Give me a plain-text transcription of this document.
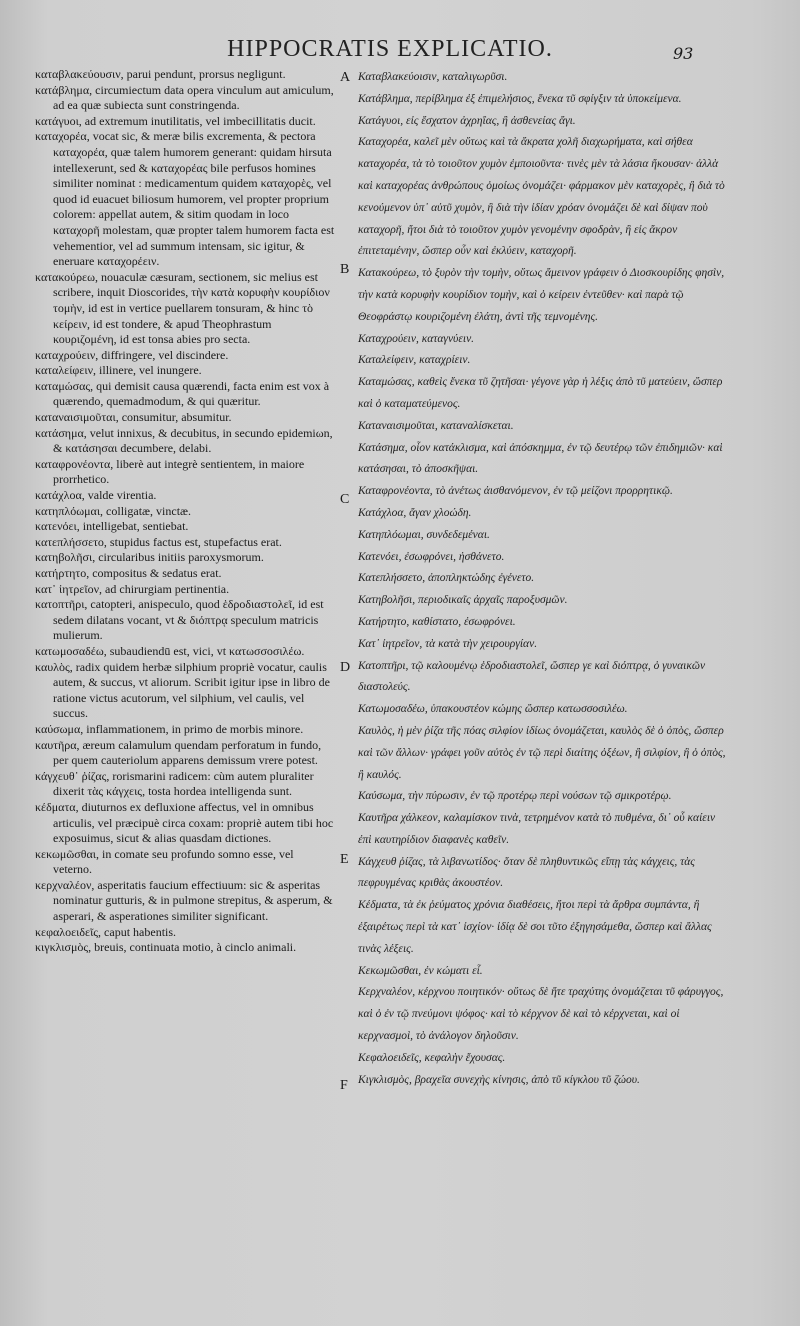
HIPPOCRATIS EXPLICATIO.	93
A
B
C
D
E
F

καταβλακεύουσιν, parui pendunt, prorsus negligunt.

κατάβλημα, circumiectum data opera vinculum aut amiculum, ad ea quæ subiecta sunt constringenda.

κατάγυοι, ad extremum inutilitatis, vel imbecillitatis ducit.

καταχορέα, vocat sic, & meræ bilis excrementa, & pectora καταχορέα, quæ talem humorem generant: quidam hirsuta intellexerunt, sed & καταχορέας bile perfusos homines similiter nominat : medicamentum quidem καταχορὲς, vel quod id euacuet biliosum humorem, vel propter proprium colorem: appellat autem, & sitim quodam in loco καταχορῆ molestam, quæ propter talem humorem facta est vehementior, vel ad summum intensam, sic igitur, & eneruare καταχορέειν.

κατακούρεω, nouaculæ cæsuram, sectionem, sic melius est scribere, inquit Dioscorides, τὴν κατὰ κορυφὴν κουρίδιον τομὴν, id est in vertice puellarem tonsuram, & hinc τὸ κείρειν, id est tondere, & apud Theophrastum κουριζομένη, id est tonsa abies pro secta.

καταχρούειν, diffringere, vel discindere.

καταλείφειν, illinere, vel inungere.

καταμώσας, qui demisit causa quærendi, facta enim est vox à quærendo, quemadmodum, & qui quæritur.

καταναισιμοῦται, consumitur, absumitur.

κατάσημα, velut innixus, & decubitus, in secundo epidemiωn, & κατάσησαι decumbere, delabi.

καταφρονέοντα, liberè aut integrè sentientem, in maiore prorrhetico.

κατάχλοα, valde virentia.

κατηπλόωμαι, colligatæ, vinctæ.

κατενόει, intelligebat, sentiebat.

κατεπλήσσετο, stupidus factus est, stupefactus erat.

κατηβολῆσι, circularibus initiis paroxysmorum.

κατήρτητο, compositus & sedatus erat.

κατ᾽ ἰητρεῖον, ad chirurgiam pertinentia.

κατοπτῆρι, catopteri, anispeculo, quod ἑδροδιαστολεῖ, id est sedem dilatans vocant, vt & διόπτρᾳ speculum matricis mulierum.

κατωμοσαδέω, subaudiendū est, vici, vt κατωσσοσιλέω.

καυλὸς, radix quidem herbæ silphium propriè vocatur, caulis autem, & succus, vt aliorum. Scribit igitur ipse in libro de ratione victus acutorum, vel silphium, vel caulis, vel succus.

καύσωμα, inflammationem, in primo de morbis minore.

καυτῆρα, æreum calamulum quendam perforatum in fundo, per quem cauteriolum apparens demissum vrere potest.

κάγχευθ᾽ ῥίζας, rorismarini radicem: cùm autem pluraliter dixerit τὰς κάγχεις, tosta hordea intelligenda sunt.

κέδματα, diuturnos ex defluxione affectus, vel in omnibus articulis, vel præcipuè circa coxam: propriè autem tibi hoc exposuimus, sicut & alias quasdam dictiones.

κεκωμῶσθαι, in comate seu profundo somno esse, vel veterno.

κερχναλέον, asperitatis faucium effectiuum: sic & asperitas nominatur gutturis, & in pulmone strepitus, & asperum, & asperari, & asperationes similiter significant.

κεφαλοειδεῖς, caput habentis.

κιγκλισμὸς, breuis, continuata motio, à cinclo animali.

Καταβλακεύοισιν, καταλιγωρῦσι.

Κατάβλημα, περίβλημα ἐξ ἐπιμελήσιος, ἕνεκα τῦ σφίγξιν τὰ ὑποκείμενα.

Κατάγυοι, εἰς ἔσχατον ἀχρηΐας, ἢ ἀσθενείας ἄγι.

Καταχορέα, καλεῖ μὲν οὕτως καὶ τὰ ἄκρατα χολῆ διαχωρήματα, καὶ σήθεα καταχορέα, τὰ τὸ τοιοῦτον χυμὸν ἐμποιοῦντα· τινὲς μὲν τὰ λάσια ἤκουσαν· ἀλλὰ καὶ καταχορέας ἀνθρώπους ὁμοίως ὀνομάζει· φάρμακον μὲν καταχορὲς, ἢ διὰ τὸ κενούμενον ὑπ᾽ αὐτῦ χυμὸν, ἢ διὰ τὴν ἰδίαν χρόαν ὀνομάζει δὲ καὶ δίψαν ποὺ καταχορῆ, ἤτοι διὰ τὸ τοιοῦτον χυμὸν γενομένην σφοδρὰν, ἢ εἰς ἄκρον ἐπιτεταμένην, ὥσπερ οὖν καὶ ἐκλύειν, καταχορῆ.

Κατακούρεω, τὸ ξυρὸν τὴν τομὴν, οὕτως ἄμεινον γράφειν ὁ Διοσκουρίδης φησὶν, τὴν κατὰ κορυφὴν κουρίδιον τομὴν, καὶ ὁ κείρειν ἐντεῦθεν· καὶ παρὰ τῷ Θεοφράστῳ κουριζομένη ἐλάτη, ἀντὶ τῆς τεμνομένης.

Καταχρούειν, καταγνύειν.

Καταλείφειν, καταχρίειν.

Καταμώσας, καθεὶς ἕνεκα τῦ ζητῆσαι· γέγονε γὰρ ἡ λέξις ἀπὸ τῦ ματεύειν, ὥσπερ καὶ ὁ καταματεύμενος.

Καταναισιμοῦται, καταναλίσκεται.

Κατάσημα, οἷον κατάκλισμα, καὶ ἀπόσκημμα, ἐν τῷ δευτέρῳ τῶν ἐπιδημιῶν· καὶ κατάσησαι, τὸ ἀποσκῆψαι.

Καταφρονέοντα, τὸ ἀνέτως ἀισθανόμενον, ἐν τῷ μείζονι προρρητικῷ.

Κατάχλοα, ἄγαν χλοώδη.

Κατηπλόωμαι, συνδεδεμέναι.

Κατενόει, ἐσωφρόνει, ἠσθάνετο.

Κατεπλήσσετο, ἀποπληκτώδης ἐγένετο.

Κατηβολῆσι, περιοδικαῖς ἀρχαῖς παροξυσμῶν.

Κατήρτητο, καθίστατο, ἐσωφρόνει.

Κατ᾽ ἰητρεῖον, τὰ κατὰ τὴν χειρουργίαν.

Κατοπτῆρι, τῷ καλουμένῳ ἑδροδιαστολεῖ, ὥσπερ γε καὶ διόπτρᾳ, ὁ γυναικῶν διαστολεύς.

Κατωμοσαδέω, ὑπακουστέον κώμης ὥσπερ κατωσσοσιλέω.

Καυλὸς, ἡ μὲν ῥίζα τῆς πόας σιλφίον ἰδίως ὀνομάζεται, καυλὸς δὲ ὁ ὀπὸς, ὥσπερ καὶ τῶν ἄλλων· γράφει γοῦν αὐτὸς ἐν τῷ περὶ διαίτης ὀξέων, ἢ σιλφίον, ἢ ὁ ὀπὸς, ἢ καυλός.

Καύσωμα, τὴν πύρωσιν, ἐν τῷ προτέρῳ περὶ νούσων τῷ σμικροτέρῳ.

Καυτῆρα χάλκεον, καλαμίσκον τινὰ, τετρημένον κατὰ τὸ πυθμένα, δι᾽ οὗ καίειν ἐπὶ καυτηρίδιον διαφανὲς καθεῖν.

Κάγχευθ ῥίζας, τὰ λιβανωτίδος· ὅταν δὲ πληθυντικῶς εἴπῃ τὰς κάγχεις, τὰς πεφρυγμένας κριθὰς ἀκουστέον.

Κέδματα, τὰ ἐκ ῥεύματος χρόνια διαθέσεις, ἤτοι περὶ τὰ ἄρθρα συμπάντα, ἢ ἐξαιρέτως περὶ τὰ κατ᾽ ἰσχίον· ἰδίᾳ δὲ σοι τῦτο ἐξηγησάμεθα, ὥσπερ καὶ ἄλλας τινὰς λέξεις.

Κεκωμῶσθαι, ἐν κώματι εἶ.

Κερχναλέον, κέρχνου ποιητικόν· οὕτως δὲ ἥτε τραχύτης ὀνομάζεται τῦ φάρυγγος, καὶ ὁ ἐν τῷ πνεύμονι ψόφος· καὶ τὸ κέρχνον δὲ καὶ τὸ κέρχνεται, καὶ οἱ κερχνασμοὶ, τὸ ἀνάλογον δηλοῦσιν.

Κεφαλοειδεῖς, κεφαλὴν ἔχουσας.

Κιγκλισμὸς, βραχεῖα συνεχὴς κίνησις, ἀπὸ τῦ κίγκλου τῦ ζώου.
